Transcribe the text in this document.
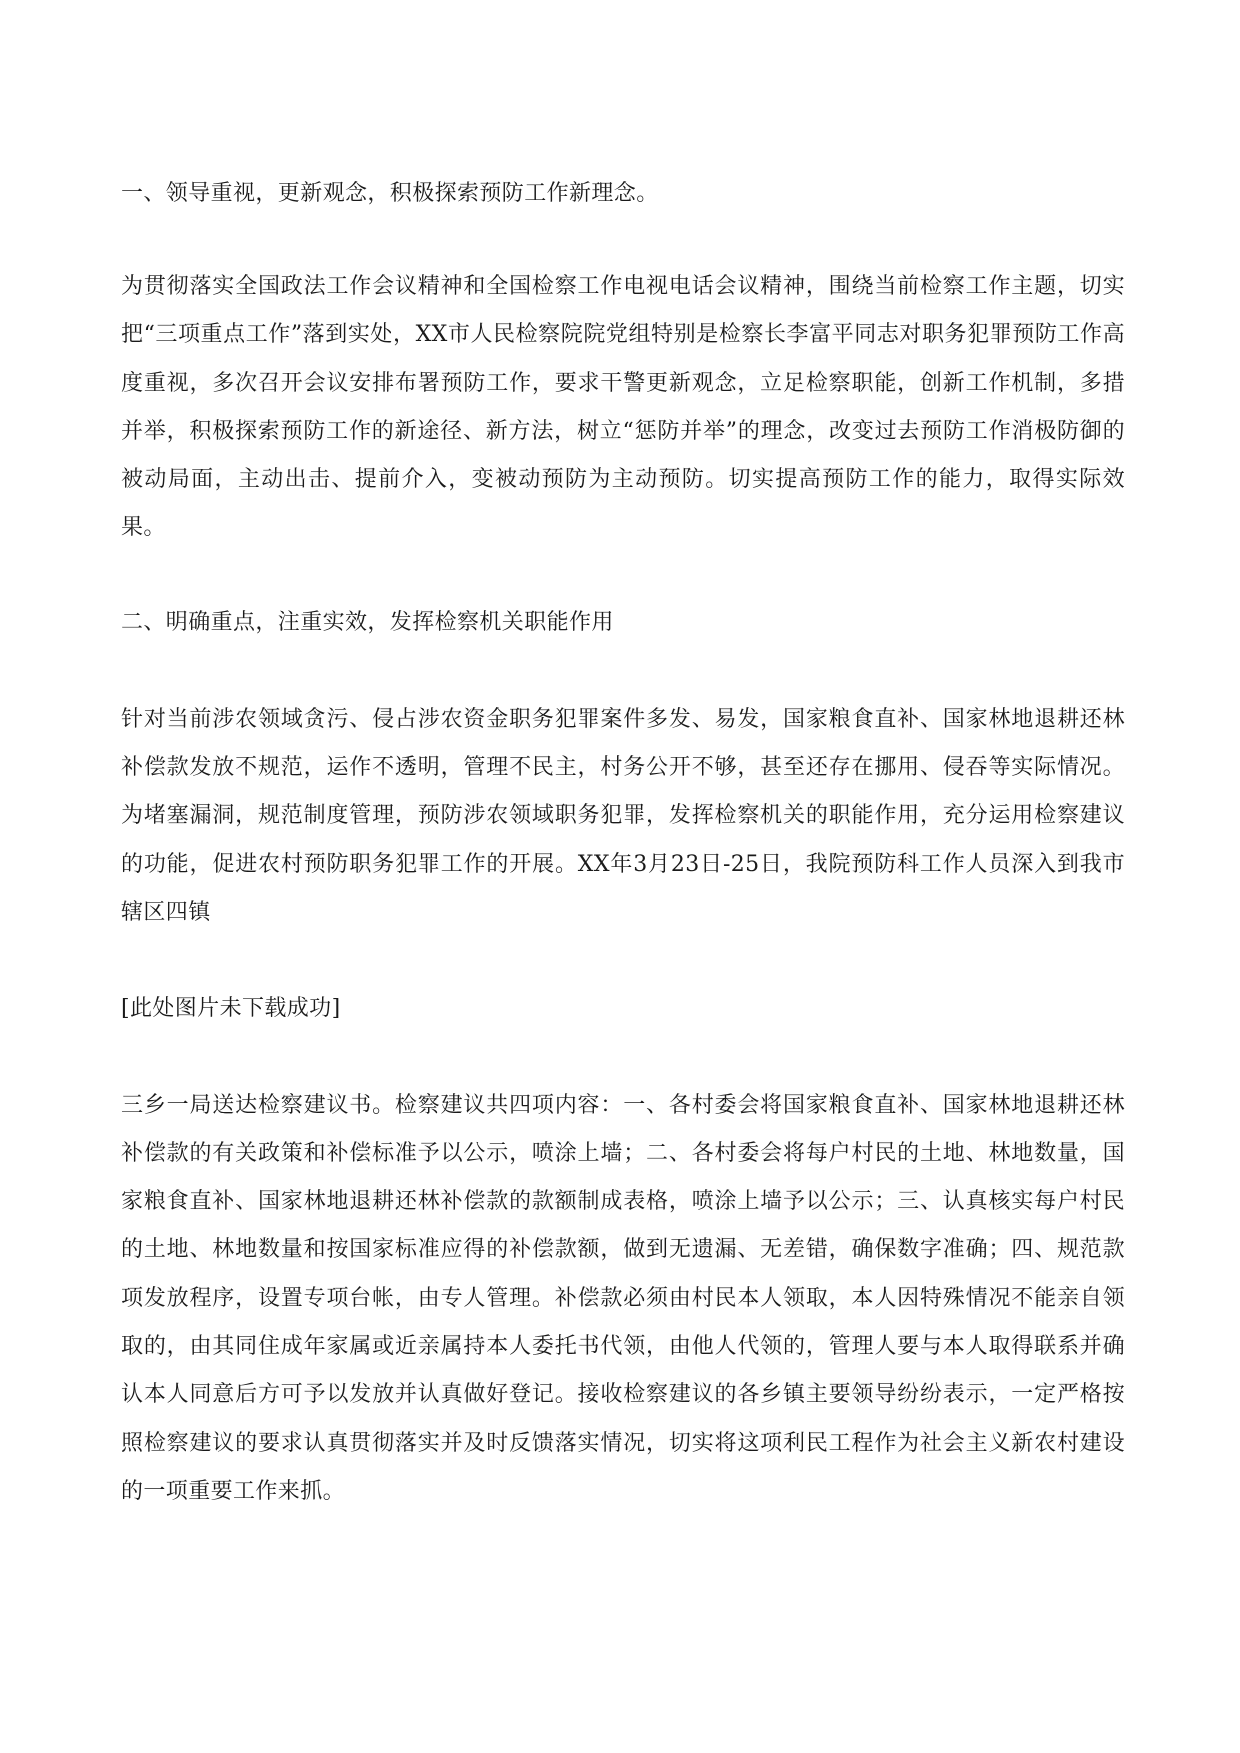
一、领导重视，更新观念，积极探索预防工作新理念。

为贯彻落实全国政法工作会议精神和全国检察工作电视电话会议精神，围绕当前检察工作主题，切实把“三项重点工作”落到实处，XX市人民检察院院党组特别是检察长李富平同志对职务犯罪预防工作高度重视，多次召开会议安排布署预防工作，要求干警更新观念，立足检察职能，创新工作机制，多措并举，积极探索预防工作的新途径、新方法，树立“惩防并举”的理念，改变过去预防工作消极防御的被动局面，主动出击、提前介入，变被动预防为主动预防。切实提高预防工作的能力，取得实际效果。

二、明确重点，注重实效，发挥检察机关职能作用

针对当前涉农领域贪污、侵占涉农资金职务犯罪案件多发、易发，国家粮食直补、国家林地退耕还林补偿款发放不规范，运作不透明，管理不民主，村务公开不够，甚至还存在挪用、侵吞等实际情况。为堵塞漏洞，规范制度管理，预防涉农领域职务犯罪，发挥检察机关的职能作用，充分运用检察建议的功能，促进农村预防职务犯罪工作的开展。XX年3月23日-25日，我院预防科工作人员深入到我市辖区四镇

[此处图片未下载成功]

三乡一局送达检察建议书。检察建议共四项内容：一、各村委会将国家粮食直补、国家林地退耕还林补偿款的有关政策和补偿标准予以公示，喷涂上墙；二、各村委会将每户村民的土地、林地数量，国家粮食直补、国家林地退耕还林补偿款的款额制成表格，喷涂上墙予以公示；三、认真核实每户村民的土地、林地数量和按国家标准应得的补偿款额，做到无遗漏、无差错，确保数字准确；四、规范款项发放程序，设置专项台帐，由专人管理。补偿款必须由村民本人领取，本人因特殊情况不能亲自领取的，由其同住成年家属或近亲属持本人委托书代领，由他人代领的，管理人要与本人取得联系并确认本人同意后方可予以发放并认真做好登记。接收检察建议的各乡镇主要领导纷纷表示，一定严格按照检察建议的要求认真贯彻落实并及时反馈落实情况，切实将这项利民工程作为社会主义新农村建设的一项重要工作来抓。
